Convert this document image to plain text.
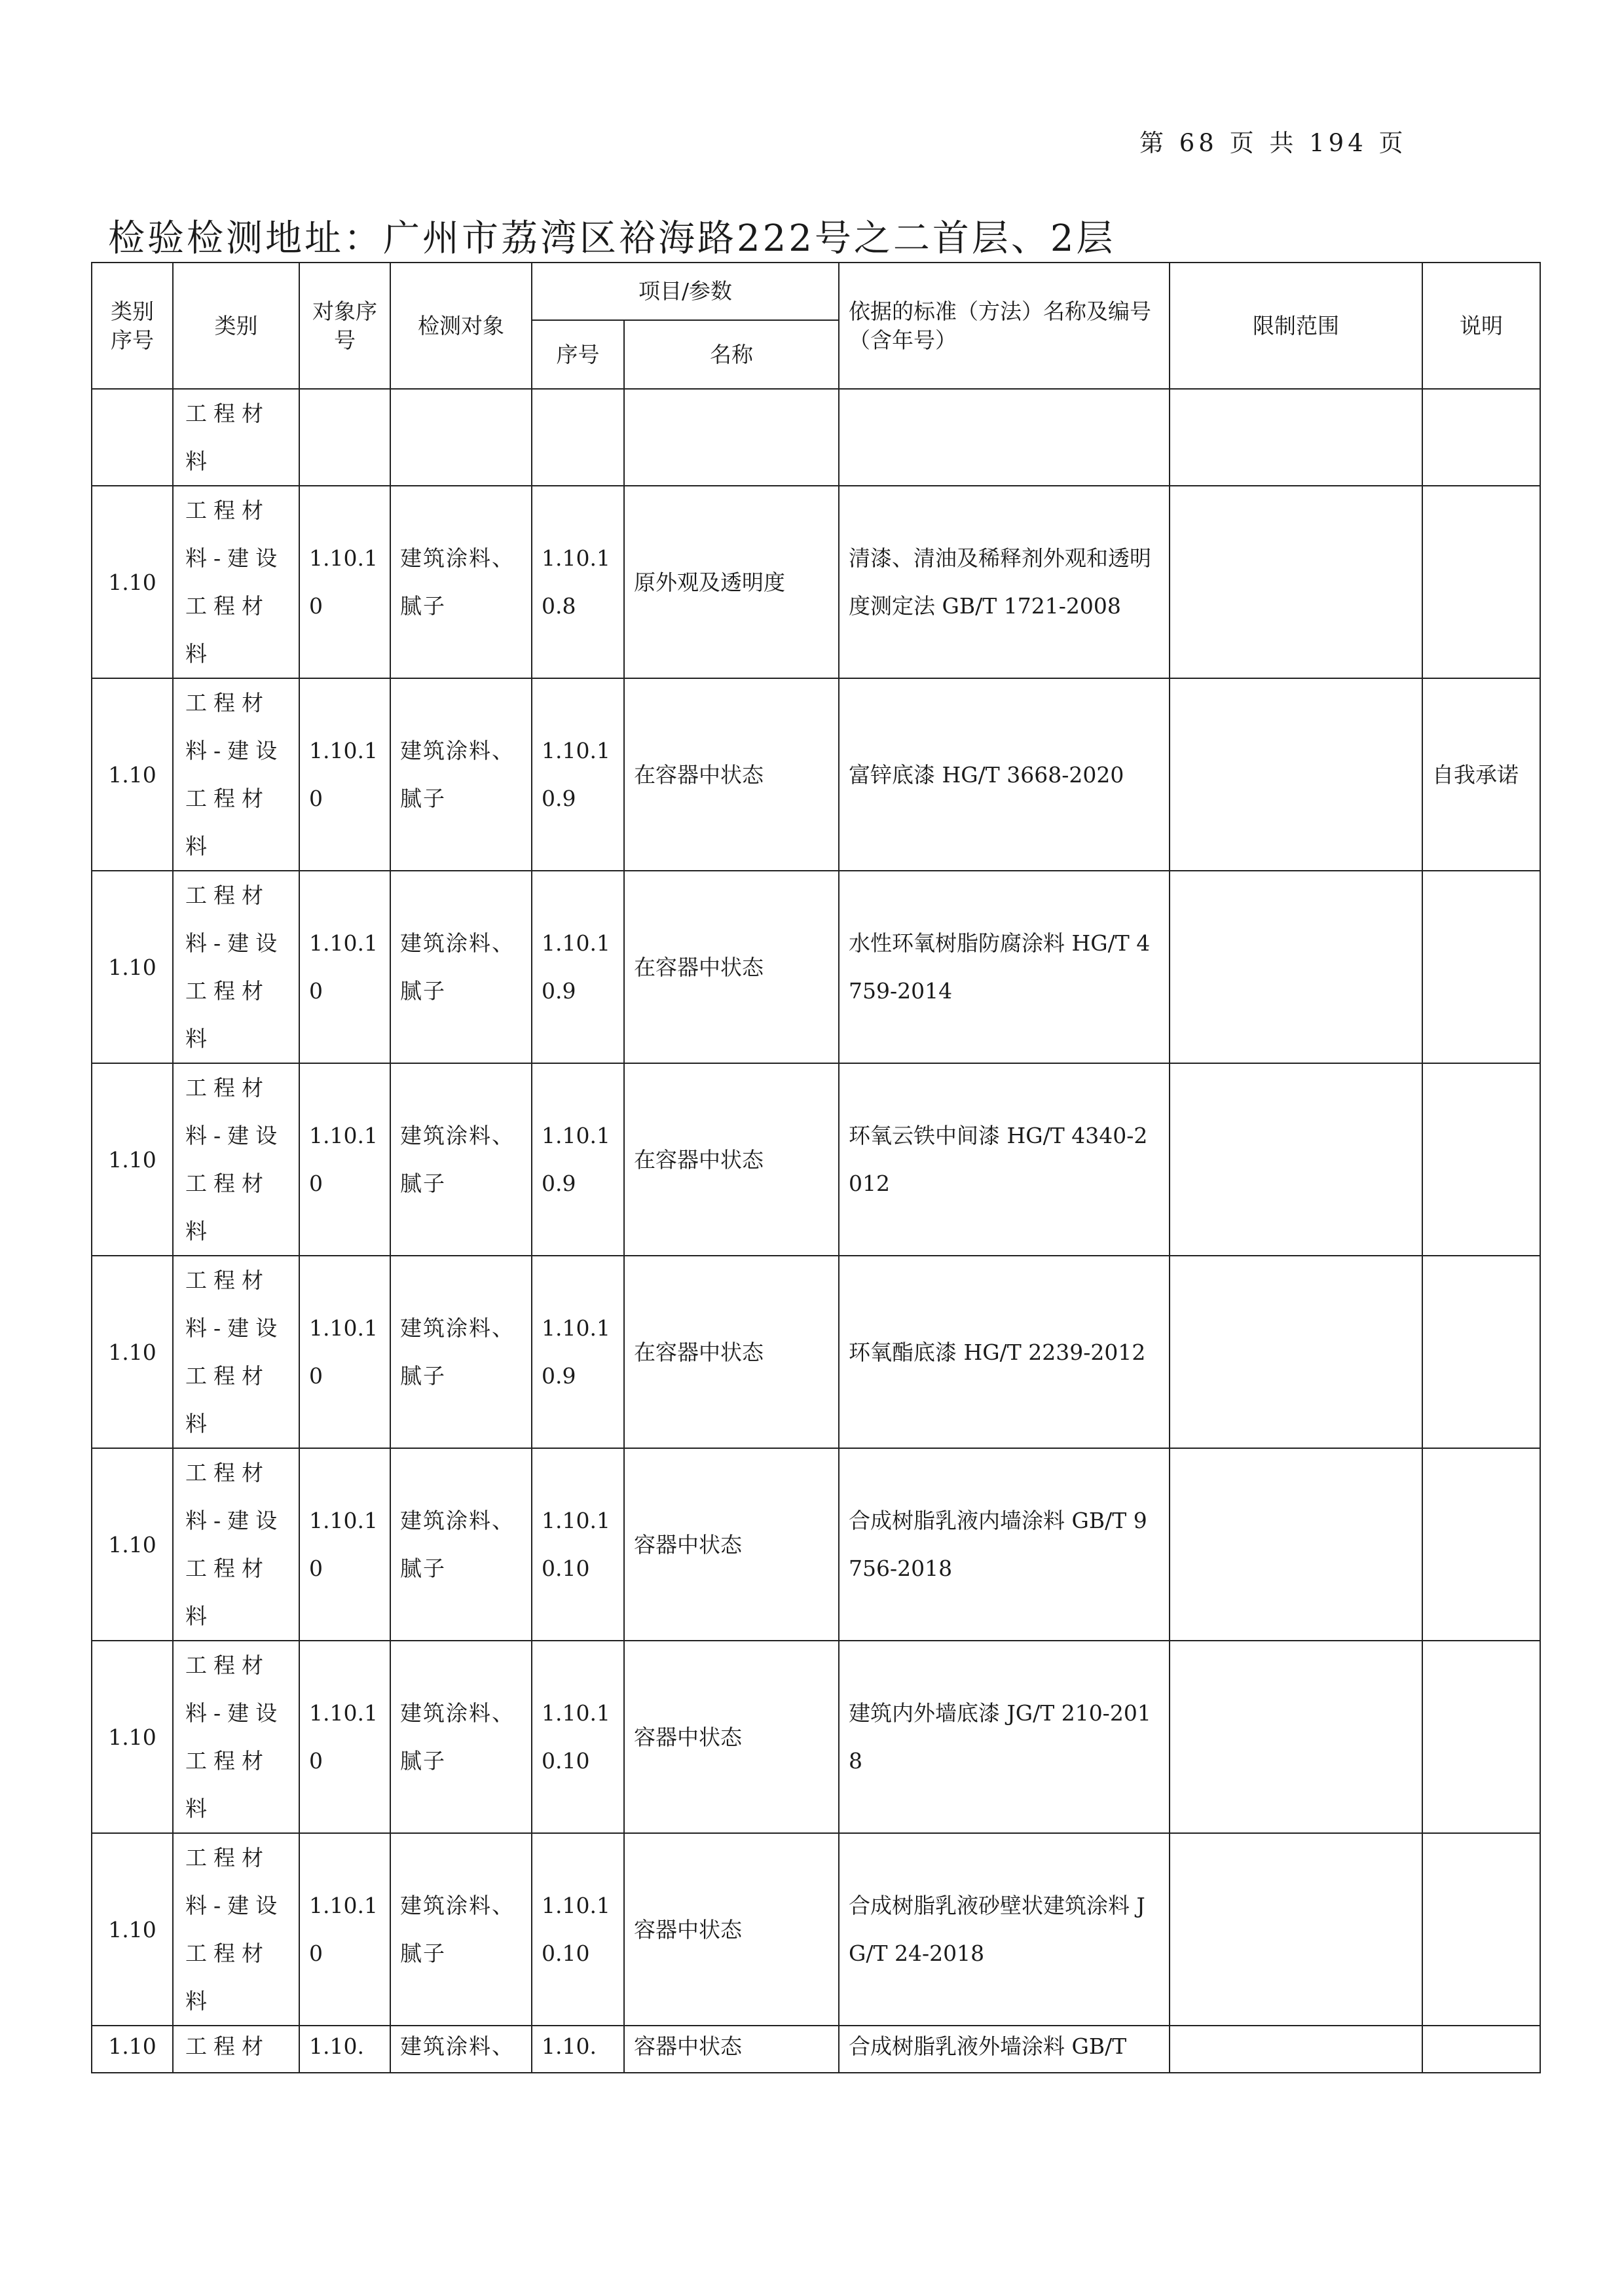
第 68 页 共 194 页
检验检测地址：广州市荔湾区裕海路222号之二首层、2层
类别序号	类别	对象序号	检测对象	项目/参数		依据的标准（方法）名称及编号（含年号）	限制范围	说明
				序号	名称			
	工程材料							
1.10	工程材料-建设工程材料	1.10.10	建筑涂料、腻子	1.10.10.8	原外观及透明度	清漆、清油及稀释剂外观和透明度测定法 GB/T 1721-2008		
1.10	工程材料-建设工程材料	1.10.10	建筑涂料、腻子	1.10.10.9	在容器中状态	富锌底漆 HG/T 3668-2020		自我承诺
1.10	工程材料-建设工程材料	1.10.10	建筑涂料、腻子	1.10.10.9	在容器中状态	水性环氧树脂防腐涂料 HG/T 4759-2014		
1.10	工程材料-建设工程材料	1.10.10	建筑涂料、腻子	1.10.10.9	在容器中状态	环氧云铁中间漆 HG/T 4340-2012		
1.10	工程材料-建设工程材料	1.10.10	建筑涂料、腻子	1.10.10.9	在容器中状态	环氧酯底漆 HG/T 2239-2012		
1.10	工程材料-建设工程材料	1.10.10	建筑涂料、腻子	1.10.10.10	容器中状态	合成树脂乳液内墙涂料 GB/T 9756-2018		
1.10	工程材料-建设工程材料	1.10.10	建筑涂料、腻子	1.10.10.10	容器中状态	建筑内外墙底漆 JG/T 210-2018		
1.10	工程材料-建设工程材料	1.10.10	建筑涂料、腻子	1.10.10.10	容器中状态	合成树脂乳液砂壁状建筑涂料 JG/T 24-2018		
1.10	工程材	1.10.	建筑涂料、	1.10.	容器中状态	合成树脂乳液外墙涂料 GB/T		
